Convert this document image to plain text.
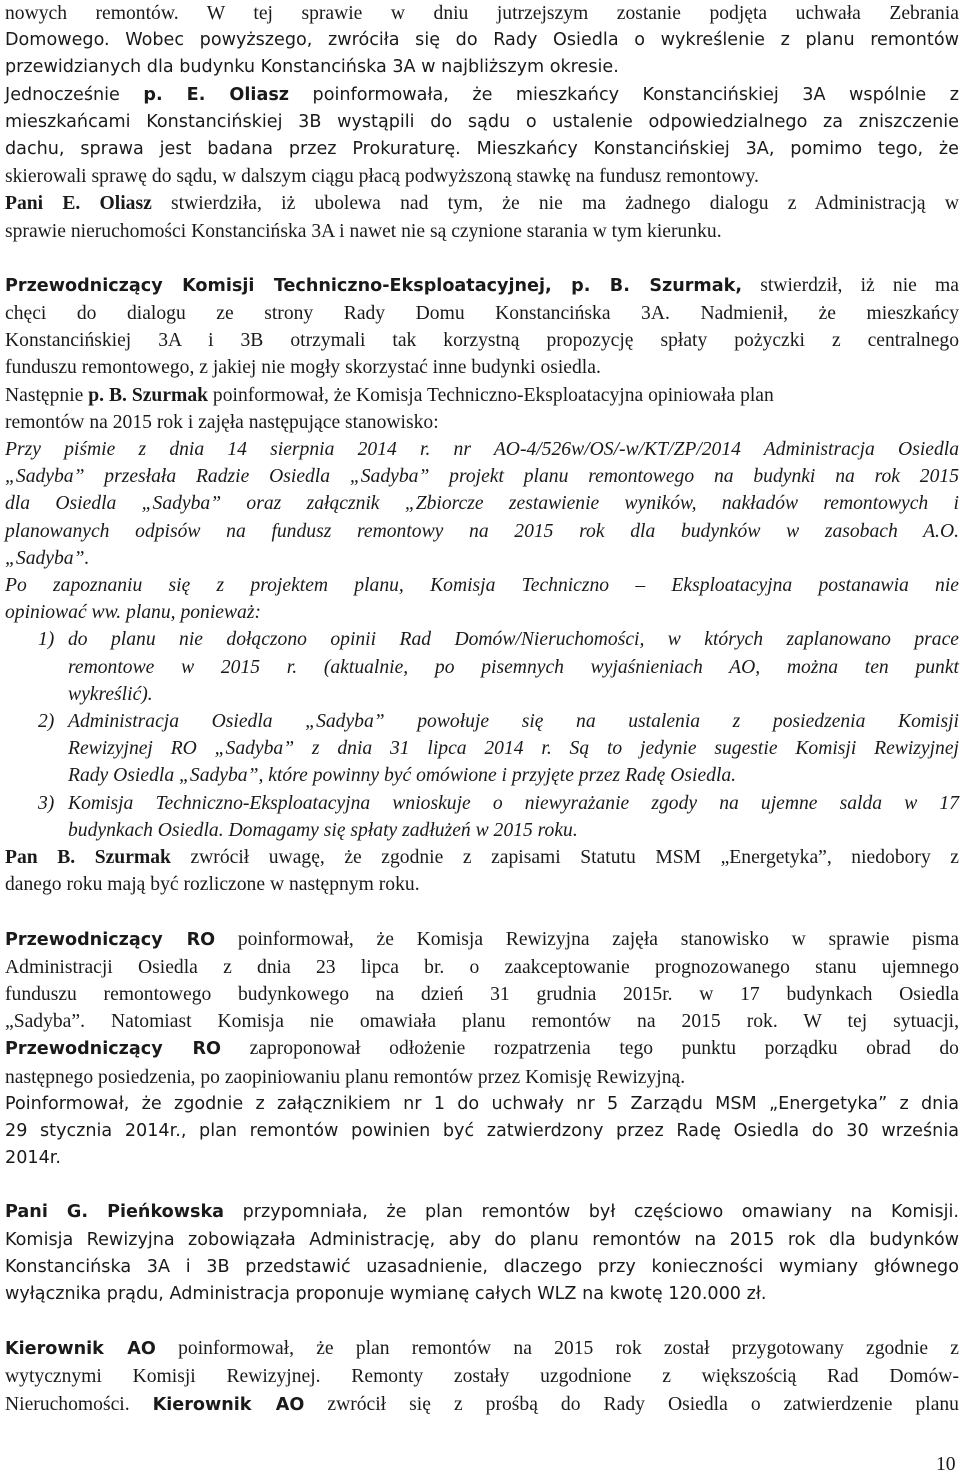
nowych remontów. W tej sprawie w dniu jutrzejszym zostanie podjęta uchwała Zebrania

Domowego. Wobec powyższego, zwróciła się do Rady Osiedla o wykreślenie z planu remontów

przewidzianych dla budynku Konstancińska 3A w najbliższym okresie.

Jednocześnie p. E. Oliasz poinformowała, że mieszkańcy Konstancińskiej 3A wspólnie z

mieszkańcami Konstancińskiej 3B wystąpili do sądu o ustalenie odpowiedzialnego za zniszczenie

dachu, sprawa jest badana przez Prokuraturę. Mieszkańcy Konstancińskiej 3A, pomimo tego, że

skierowali sprawę do sądu, w dalszym ciągu płacą podwyższoną stawkę na fundusz remontowy.

Pani E. Oliasz stwierdziła, iż ubolewa nad tym, że nie ma żadnego dialogu z Administracją w

sprawie nieruchomości Konstancińska 3A i nawet nie są czynione starania w tym kierunku.

Przewodniczący Komisji Techniczno-Eksploatacyjnej, p. B. Szurmak, stwierdził, iż nie ma

chęci do dialogu ze strony Rady Domu Konstancińska 3A. Nadmienił, że mieszkańcy

Konstancińskiej 3A i 3B otrzymali tak korzystną propozycję spłaty pożyczki z centralnego

funduszu remontowego, z jakiej nie mogły skorzystać inne budynki osiedla.

Następnie p. B. Szurmak poinformował, że Komisja Techniczno-Eksploatacyjna opiniowała plan

remontów na 2015 rok i zajęła następujące stanowisko:

Przy piśmie z dnia 14 sierpnia 2014 r. nr AO-4/526w/OS/-w/KT/ZP/2014 Administracja Osiedla

„Sadyba” przesłała Radzie Osiedla „Sadyba” projekt planu remontowego na budynki na rok 2015

dla Osiedla „Sadyba” oraz załącznik „Zbiorcze zestawienie wyników, nakładów remontowych i

planowanych odpisów na fundusz remontowy na 2015 rok dla budynków w zasobach A.O.

„Sadyba”.

Po zapoznaniu się z projektem planu, Komisja Techniczno – Eksploatacyjna postanawia nie

opiniować ww. planu, ponieważ:

1) do planu nie dołączono opinii Rad Domów/Nieruchomości, w których zaplanowano prace

remontowe w 2015 r. (aktualnie, po pisemnych wyjaśnieniach AO, można ten punkt

wykreślić).

2) Administracja Osiedla „Sadyba” powołuje się na ustalenia z posiedzenia Komisji

Rewizyjnej RO „Sadyba” z dnia 31 lipca 2014 r. Są to jedynie sugestie Komisji Rewizyjnej

Rady Osiedla „Sadyba”, które powinny być omówione i przyjęte przez Radę Osiedla.

3) Komisja Techniczno-Eksploatacyjna wnioskuje o niewyrażanie zgody na ujemne salda w 17

budynkach Osiedla. Domagamy się spłaty zadłużeń w 2015 roku.

Pan B. Szurmak zwrócił uwagę, że zgodnie z zapisami Statutu MSM „Energetyka”, niedobory z

danego roku mają być rozliczone w następnym roku.

Przewodniczący RO poinformował, że Komisja Rewizyjna zajęła stanowisko w sprawie pisma

Administracji Osiedla z dnia 23 lipca br. o zaakceptowanie prognozowanego stanu ujemnego

funduszu remontowego budynkowego na dzień 31 grudnia 2015r. w 17 budynkach Osiedla

„Sadyba”. Natomiast Komisja nie omawiała planu remontów na 2015 rok. W tej sytuacji,

Przewodniczący RO zaproponował odłożenie rozpatrzenia tego punktu porządku obrad do

następnego posiedzenia, po zaopiniowaniu planu remontów przez Komisję Rewizyjną.

Poinformował, że zgodnie z załącznikiem nr 1 do uchwały nr 5 Zarządu MSM „Energetyka” z dnia

29 stycznia 2014r., plan remontów powinien być zatwierdzony przez Radę Osiedla do 30 września

2014r.

Pani G. Pieńkowska przypomniała, że plan remontów był częściowo omawiany na Komisji.

Komisja Rewizyjna zobowiązała Administrację, aby do planu remontów na 2015 rok dla budynków

Konstancińska 3A i 3B przedstawić uzasadnienie, dlaczego przy konieczności wymiany głównego

wyłącznika prądu, Administracja proponuje wymianę całych WLZ na kwotę 120.000 zł.

Kierownik AO poinformował, że plan remontów na 2015 rok został przygotowany zgodnie z

wytycznymi Komisji Rewizyjnej. Remonty zostały uzgodnione z większością Rad Domów-

Nieruchomości. Kierownik AO zwrócił się z prośbą do Rady Osiedla o zatwierdzenie planu

10
